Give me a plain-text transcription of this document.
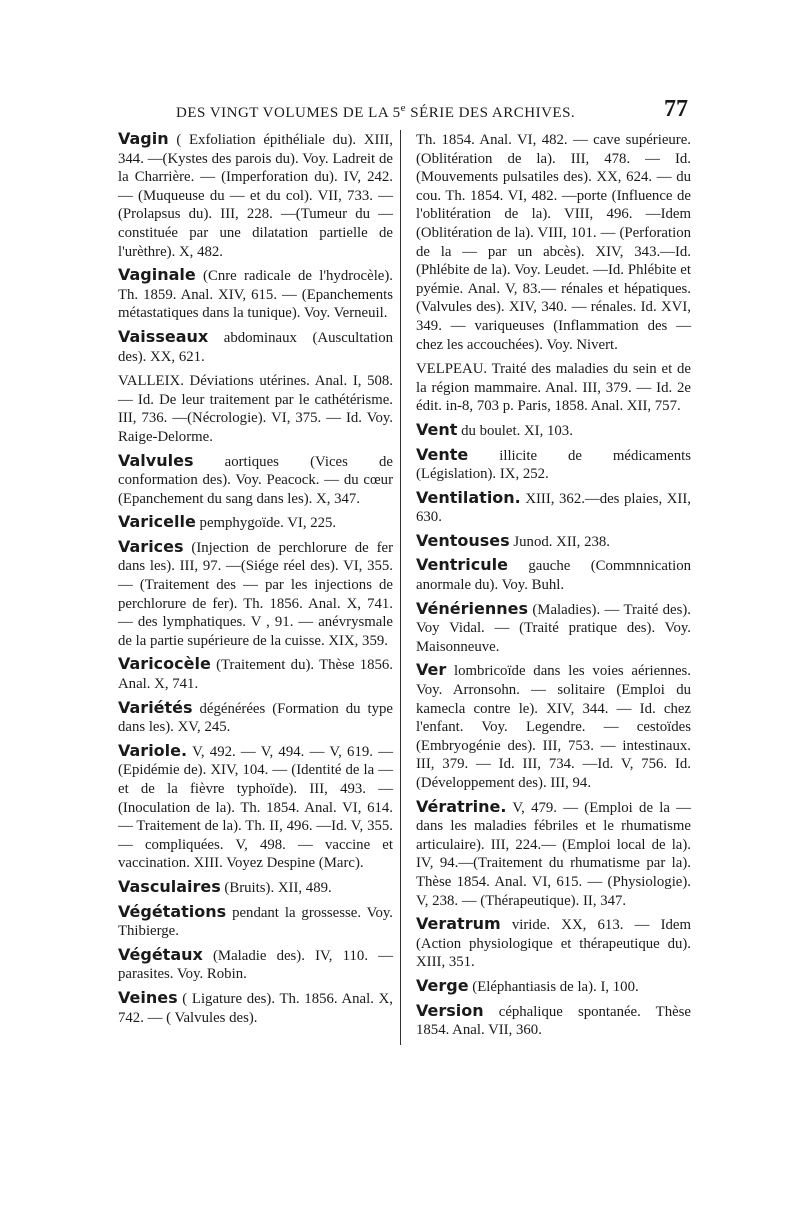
DES VINGT VOLUMES DE LA 5e SÉRIE DES ARCHIVES.	77

Vagin ( Exfoliation épithéliale du). XIII, 344. —(Kystes des parois du). Voy. Ladreit de la Charrière. — (Imperforation du). IV, 242.— (Muqueuse du — et du col). VII, 733. — (Prolapsus du). III, 228. —(Tumeur du — constituée par une dilatation partielle de l'urèthre). X, 482.

Vaginale (Cnre radicale de l'hydrocèle). Th. 1859. Anal. XIV, 615. — (Epanchements métastatiques dans la tunique). Voy. Verneuil.

Vaisseaux abdominaux (Auscultation des). XX, 621.

VALLEIX. Déviations utérines. Anal. I, 508. — Id. De leur traitement par le cathétérisme. III, 736. —(Nécrologie). VI, 375. — Id. Voy. Raige-Delorme.

Valvules aortiques (Vices de conformation des). Voy. Peacock. — du cœur (Epanchement du sang dans les). X, 347.

Varicelle pemphygoïde. VI, 225.

Varices (Injection de perchlorure de fer dans les). III, 97. —(Siége réel des). VI, 355. — (Traitement des — par les injections de perchlorure de fer). Th. 1856. Anal. X, 741. — des lymphatiques. V , 91. — anévrysmale de la partie supérieure de la cuisse. XIX, 359.

Varicocèle (Traitement du). Thèse 1856. Anal. X, 741.

Variétés dégénérées (Formation du type dans les). XV, 245.

Variole. V, 492. — V, 494. — V, 619. — (Epidémie de). XIV, 104. — (Identité de la — et de la fièvre typhoïde). III, 493. —(Inoculation de la). Th. 1854. Anal. VI, 614.— Traitement de la). Th. II, 496. —Id. V, 355. — compliquées. V, 498. — vaccine et vaccination. XIII. Voyez Despine (Marc).

Vasculaires (Bruits). XII, 489.

Végétations pendant la grossesse. Voy. Thibierge.

Végétaux (Maladie des). IV, 110. — parasites. Voy. Robin.

Veines ( Ligature des). Th. 1856. Anal. X, 742. — ( Valvules des).

Th. 1854. Anal. VI, 482. — cave supérieure. (Oblitération de la). III, 478. — Id. (Mouvements pulsatiles des). XX, 624. — du cou. Th. 1854. VI, 482. —porte (Influence de l'oblitération de la). VIII, 496. —Idem (Oblitération de la). VIII, 101. — (Perforation de la — par un abcès). XIV, 343.—Id. (Phlébite de la). Voy. Leudet. —Id. Phlébite et pyémie. Anal. V, 83.— rénales et hépatiques. (Valvules des). XIV, 340. — rénales. Id. XVI, 349. — variqueuses (Inflammation des — chez les accouchées). Voy. Nivert.

VELPEAU. Traité des maladies du sein et de la région mammaire. Anal. III, 379. — Id. 2e édit. in-8, 703 p. Paris, 1858. Anal. XII, 757.

Vent du boulet. XI, 103.

Vente illicite de médicaments (Législation). IX, 252.

Ventilation. XIII, 362.—des plaies, XII, 630.

Ventouses Junod. XII, 238.

Ventricule gauche (Commnnication anormale du). Voy. Buhl.

Vénériennes (Maladies). — Traité des). Voy Vidal. — (Traité pratique des). Voy. Maisonneuve.

Ver lombricoïde dans les voies aériennes. Voy. Arronsohn. — solitaire (Emploi du kamecla contre le). XIV, 344. — Id. chez l'enfant. Voy. Legendre. — cestoïdes (Embryogénie des). III, 753. — intestinaux. III, 379. — Id. III, 734. —Id. V, 756. Id. (Développement des). III, 94.

Vératrine. V, 479. — (Emploi de la — dans les maladies fébriles et le rhumatisme articulaire). III, 224.— (Emploi local de la). IV, 94.—(Traitement du rhumatisme par la). Thèse 1854. Anal. VI, 615. — (Physiologie). V, 238. — (Thérapeutique). II, 347.

Veratrum viride. XX, 613. — Idem (Action physiologique et thérapeutique du). XIII, 351.

Verge (Eléphantiasis de la). I, 100.

Version céphalique spontanée. Thèse 1854. Anal. VII, 360.
